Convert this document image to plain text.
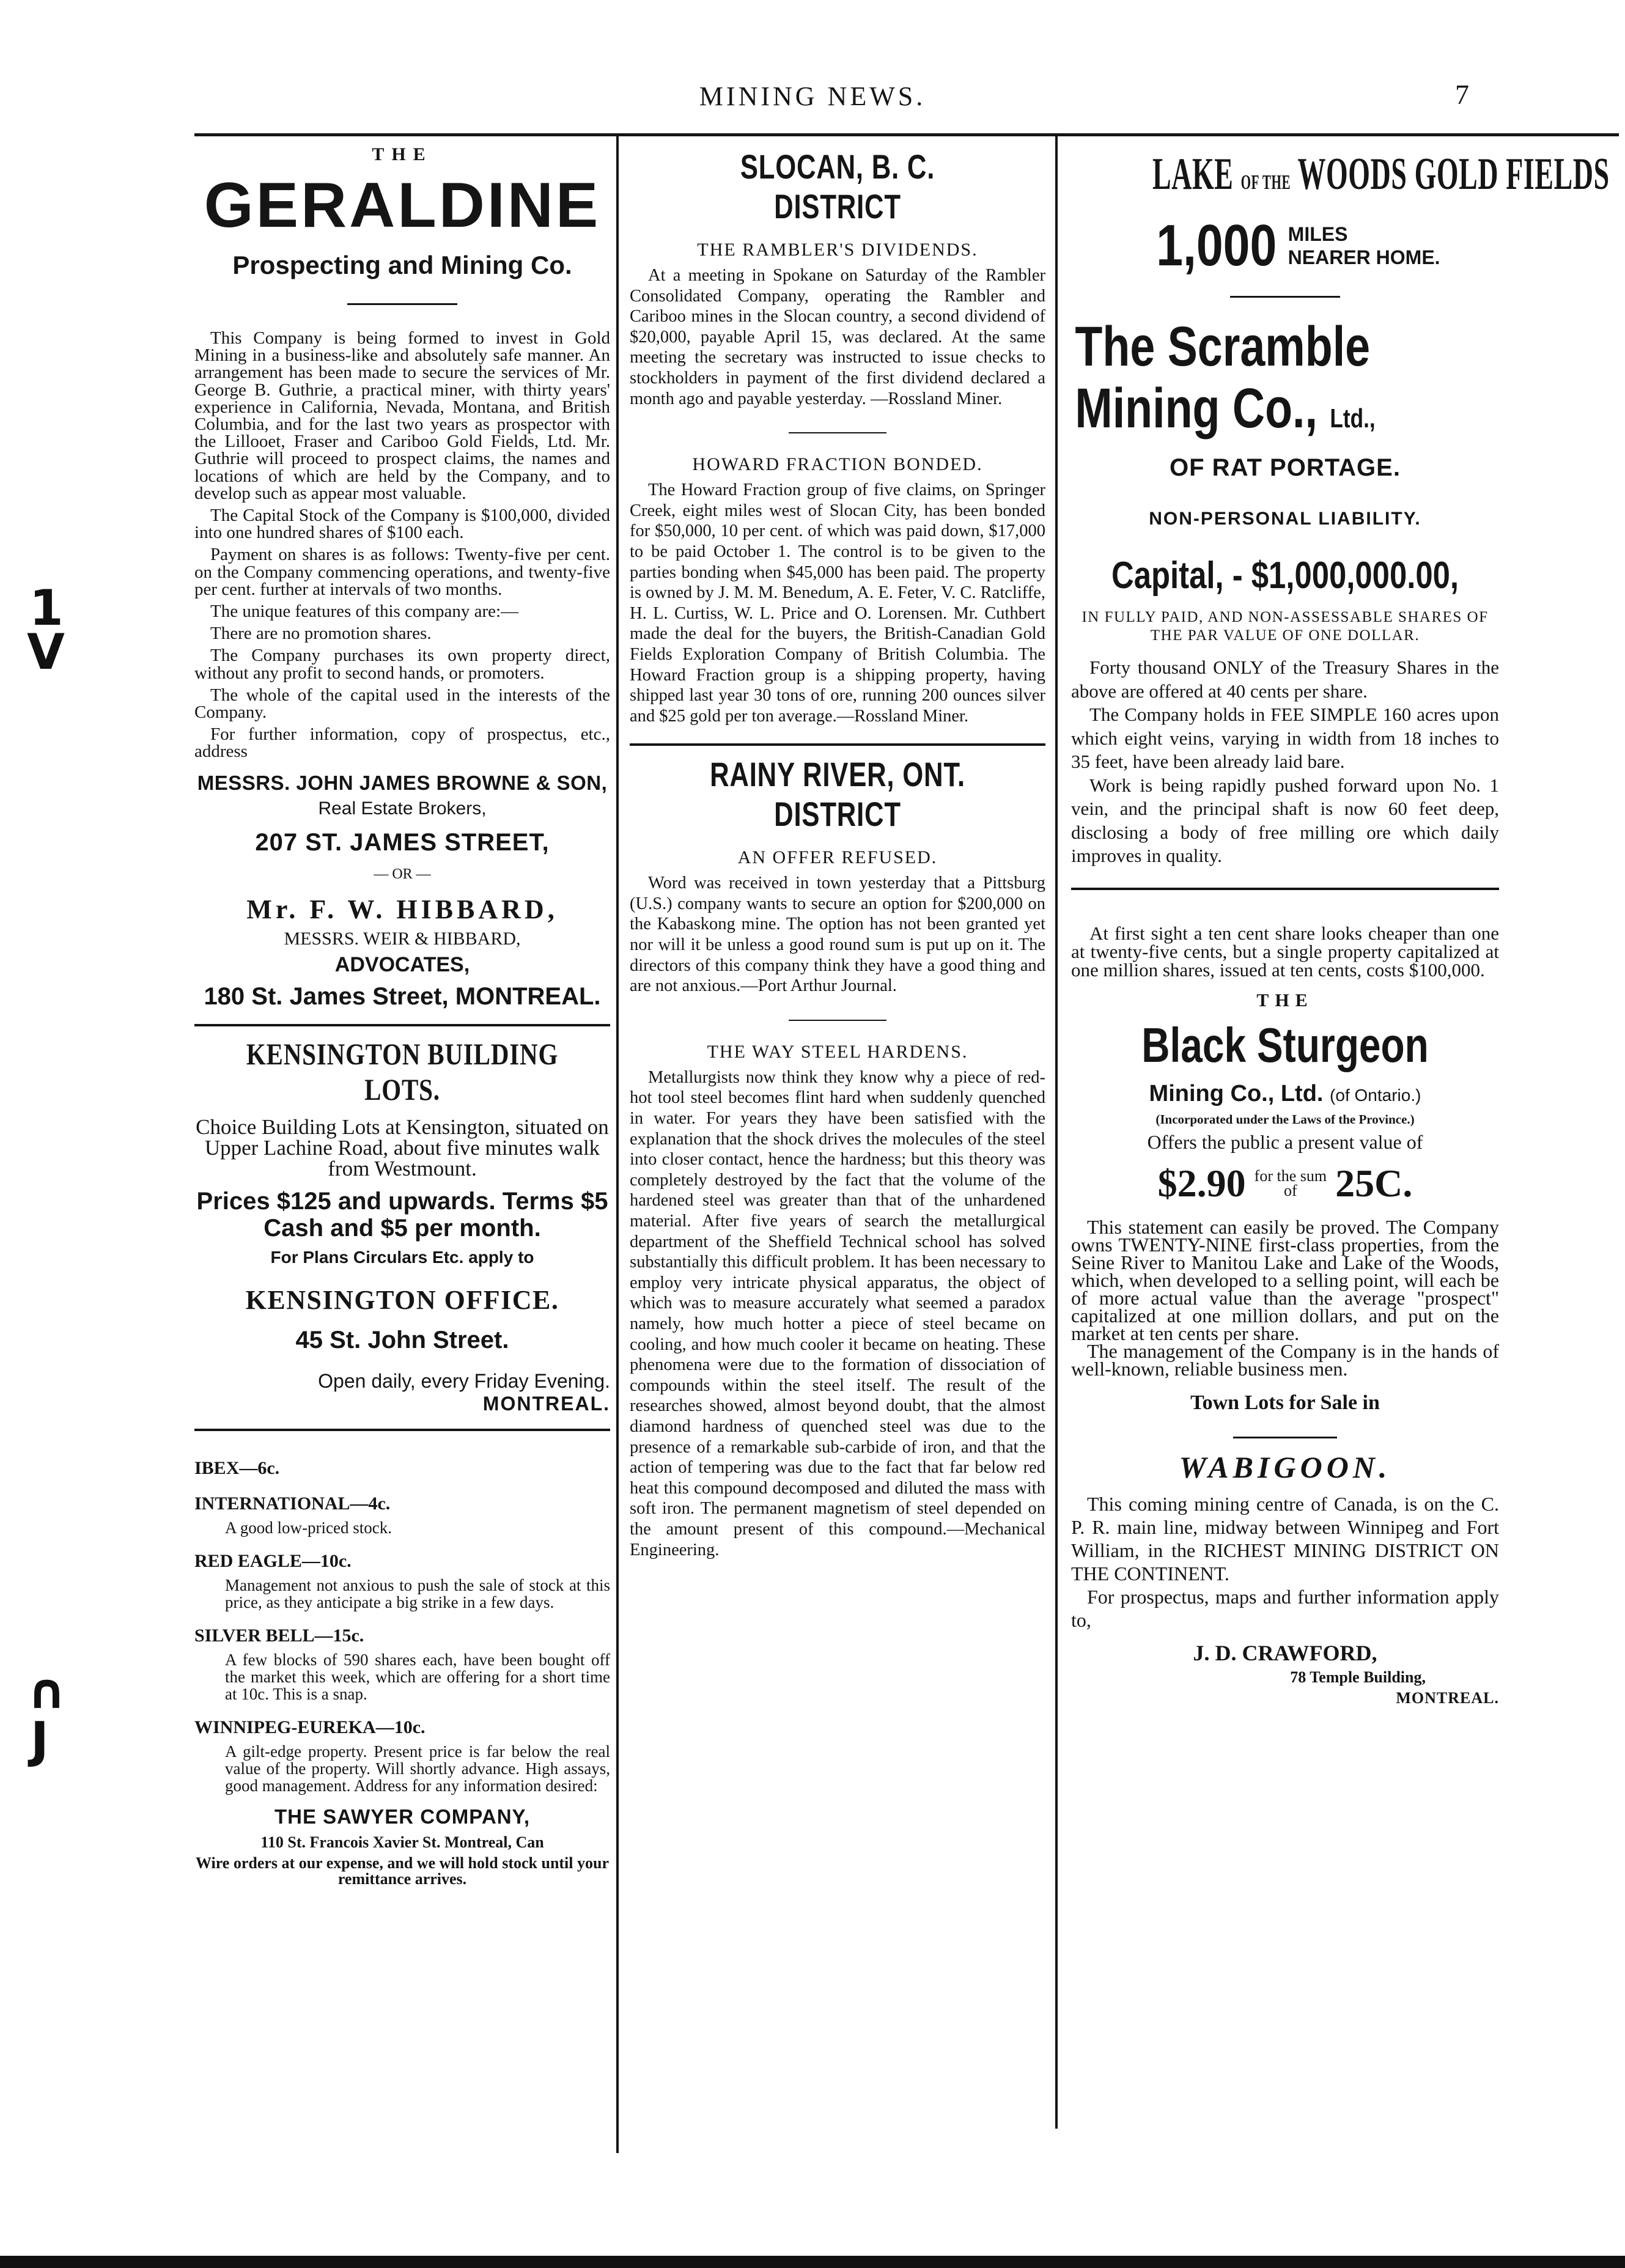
MINING NEWS.	7
1
V
∩
J
THE
GERALDINE
Prospecting and Mining Co.

This Company is being formed to invest in Gold Mining in a business-like and absolutely safe manner. An arrangement has been made to secure the services of Mr. George B. Guthrie, a practical miner, with thirty years' experience in California, Nevada, Montana, and British Columbia, and for the last two years as prospector with the Lillooet, Fraser and Cariboo Gold Fields, Ltd. Mr. Guthrie will proceed to prospect claims, the names and locations of which are held by the Company, and to develop such as appear most valuable.

The Capital Stock of the Company is $100,000, divided into one hundred shares of $100 each.

Payment on shares is as follows: Twenty-five per cent. on the Company commencing operations, and twenty-five per cent. further at intervals of two months.

The unique features of this company are:—

There are no promotion shares.

The Company purchases its own property direct, without any profit to second hands, or promoters.

The whole of the capital used in the interests of the Company.

For further information, copy of prospectus, etc., address

MESSRS. JOHN JAMES BROWNE & SON,
Real Estate Brokers,
207 ST. JAMES STREET,
— OR —
Mr. F. W. HIBBARD,
MESSRS. WEIR & HIBBARD,
ADVOCATES,
180 St. James Street, MONTREAL.
KENSINGTON BUILDING LOTS.
Choice Building Lots at Kensington, situated on Upper Lachine Road, about five minutes walk from Westmount.
Prices $125 and upwards. Terms $5 Cash and $5 per month.
For Plans Circulars Etc. apply to
KENSINGTON OFFICE.
45 St. John Street.
Open daily, every Friday Evening.
MONTREAL.
IBEX—6c.
INTERNATIONAL—4c.
A good low-priced stock.
RED EAGLE—10c.
Management not anxious to push the sale of stock at this price, as they anticipate a big strike in a few days.
SILVER BELL—15c.
A few blocks of 590 shares each, have been bought off the market this week, which are offering for a short time at 10c. This is a snap.
WINNIPEG-EUREKA—10c.
A gilt-edge property. Present price is far below the real value of the property. Will shortly advance. High assays, good management. Address for any information desired:
THE SAWYER COMPANY,
110 St. Francois Xavier St. Montreal, Can
Wire orders at our expense, and we will hold stock until your remittance arrives.
SLOCAN, B. C. DISTRICT
THE RAMBLER'S DIVIDENDS.

At a meeting in Spokane on Saturday of the Rambler Consolidated Company, operating the Rambler and Cariboo mines in the Slocan country, a second dividend of $20,000, payable April 15, was declared. At the same meeting the secretary was instructed to issue checks to stockholders in payment of the first dividend declared a month ago and payable yesterday. —Rossland Miner.

HOWARD FRACTION BONDED.

The Howard Fraction group of five claims, on Springer Creek, eight miles west of Slocan City, has been bonded for $50,000, 10 per cent. of which was paid down, $17,000 to be paid October 1. The control is to be given to the parties bonding when $45,000 has been paid. The property is owned by J. M. M. Benedum, A. E. Feter, V. C. Ratcliffe, H. L. Curtiss, W. L. Price and O. Lorensen. Mr. Cuthbert made the deal for the buyers, the British-Canadian Gold Fields Exploration Company of British Columbia. The Howard Fraction group is a shipping property, having shipped last year 30 tons of ore, running 200 ounces silver and $25 gold per ton average.—Rossland Miner.

RAINY RIVER, ONT. DISTRICT
AN OFFER REFUSED.

Word was received in town yesterday that a Pittsburg (U.S.) company wants to secure an option for $200,000 on the Kabaskong mine. The option has not been granted yet nor will it be unless a good round sum is put up on it. The directors of this company think they have a good thing and are not anxious.—Port Arthur Journal.

THE WAY STEEL HARDENS.

Metallurgists now think they know why a piece of red-hot tool steel becomes flint hard when suddenly quenched in water. For years they have been satisfied with the explanation that the shock drives the molecules of the steel into closer contact, hence the hardness; but this theory was completely destroyed by the fact that the volume of the hardened steel was greater than that of the unhardened material. After five years of search the metallurgical department of the Sheffield Technical school has solved substantially this difficult problem. It has been necessary to employ very intricate physical apparatus, the object of which was to measure accurately what seemed a paradox namely, how much hotter a piece of steel became on cooling, and how much cooler it became on heating. These phenomena were due to the formation of dissociation of compounds within the steel itself. The result of the researches showed, almost beyond doubt, that the almost diamond hardness of quenched steel was due to the presence of a remarkable sub-carbide of iron, and that the action of tempering was due to the fact that far below red heat this compound decomposed and diluted the mass with soft iron. The permanent magnetism of steel depended on the amount present of this compound.—Mechanical Engineering.

LAKE OF THE WOODS GOLD FIELDS
1,000 MILES
NEARER HOME.
The Scramble
Mining Co., Ltd.,
OF RAT PORTAGE.
NON-PERSONAL LIABILITY.
Capital, - $1,000,000.00,
IN FULLY PAID, AND NON-ASSESSABLE SHARES OF THE PAR VALUE OF ONE DOLLAR.

Forty thousand ONLY of the Treasury Shares in the above are offered at 40 cents per share.

The Company holds in FEE SIMPLE 160 acres upon which eight veins, varying in width from 18 inches to 35 feet, have been already laid bare.

Work is being rapidly pushed forward upon No. 1 vein, and the principal shaft is now 60 feet deep, disclosing a body of free milling ore which daily improves in quality.

At first sight a ten cent share looks cheaper than one at twenty-five cents, but a single property capitalized at one million shares, issued at ten cents, costs $100,000.

THE
Black Sturgeon
Mining Co., Ltd. (of Ontario.)
(Incorporated under the Laws of the Province.)
Offers the public a present value of
$2.90 for the sum
of 25C.

This statement can easily be proved. The Company owns TWENTY-NINE first-class properties, from the Seine River to Manitou Lake and Lake of the Woods, which, when developed to a selling point, will each be of more actual value than the average "prospect" capitalized at one million dollars, and put on the market at ten cents per share.

The management of the Company is in the hands of well-known, reliable business men.

Town Lots for Sale in
WABIGOON.

This coming mining centre of Canada, is on the C. P. R. main line, midway between Winnipeg and Fort William, in the RICHEST MINING DISTRICT ON THE CONTINENT.

For prospectus, maps and further information apply to,

J. D. CRAWFORD,
78 Temple Building,
MONTREAL.
